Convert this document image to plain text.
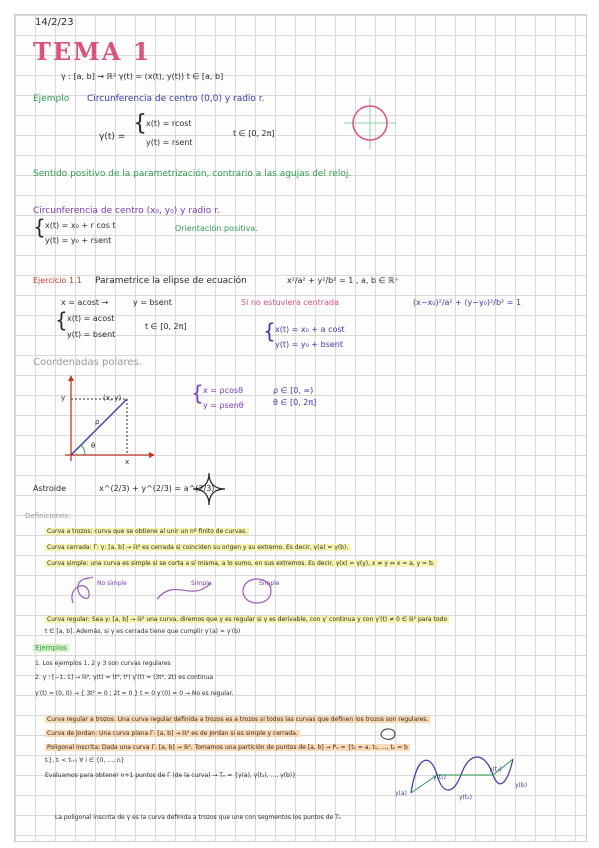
14/2/23
TEMA 1
γ : [a, b] → ℝ² γ(t) = (x(t), y(t)) t ∈ [a, b]
Ejemplo Circunferencia de centro (0,0) y radio r.
γ(t) =
{ x(t) = rcost
y(t) = rsent
t ∈ [0, 2π]
Sentido positivo de la parametrización, contrario a las agujas del reloj.
Circunferencia de centro (x₀, y₀) y radio r.
{ x(t) = x₀ + r cos t
y(t) = y₀ + rsent
Orientación positiva.
Ejercicio 1.1 Parametrice la elipse de ecuación	x²/a² + y²/b² = 1 , a, b ∈ ℝ⁺
x = acost →	y = bsent	Si no estuviera centrada	(x−x₀)²/a² + (y−y₀)²/b² = 1
{ x(t) = acost
y(t) = bsent
t ∈ [0, 2π]	{ x(t) = x₀ + a cost
y(t) = y₀ + bsent
Coordenadas polares.
(x, y)
y
x
ρ
θ
{ x = ρcosθ
y = ρsenθ
ρ ∈ [0, ∞)
θ ∈ [0, 2π]
Astroide	x^(2/3) + y^(2/3) = a^(2/3)
Definiciones:
Curva a trozos: curva que se obtiene al unir un nº finito de curvas.
Curva cerrada: Γ: γ: [a, b] → ℝ² es cerrada si coinciden su origen y su extremo. Es decir, γ(a) = γ(b).
Curva simple: una curva es simple si se corta a sí misma, a lo sumo, en sus extremos. Es decir, γ(x) = γ(y), x ≠ y ⇔ x = a, y = b.
No simple	Simple	Simple
Curva regular: Sea γ: [a, b] → ℝ² una curva, diremos que γ es regular si γ es derivable, con γ′ continua y con γ′(t) ≠ 0 ∈ ℝ² para todo
t ∈ [a, b]. Además, si γ es cerrada tiene que cumplir γ′(a) = γ′(b)
Ejemplos
1. Los ejemplos 1, 2 y 3 son curvas regulares
2. γ : [−1, 1] → ℝ², γ(t) = (t³, t²) γ′(t) = (3t², 2t) es continua
γ′(t) = (0, 0) → { 3t² = 0 ; 2t = 0 } t = 0 γ′(0) = 0 → No es regular.
Curva regular a trozos: Una curva regular definida a trozos es a trozos si todos las curvas que definen los trozos son regulares.
Curva de Jordan: Una curva plana Γ: [a, b] → ℝ² es de Jordan si es simple y cerrada.
Poligonal inscrita: Dada una curva Γ: [a, b] → ℝ². Tomamos una partición de puntos de [a, b] → Pₙ = {t₀ = a, t₁, ..., tₙ = b
tᵢ}, tᵢ < tᵢ₊₁ ∀ i ∈ {0, ..., n}
Evaluamos para obtener n+1 puntos de Γ (de la curva) → Tₙ = {γ(a), γ(t₁), ..., γ(b)}
γ(a)
γ(t₁)
γ(t₂)
γ(t₃)
γ(b)
La poligonal inscrita de γ es la curva definida a trozos que une con segmentos los puntos de Tₙ
